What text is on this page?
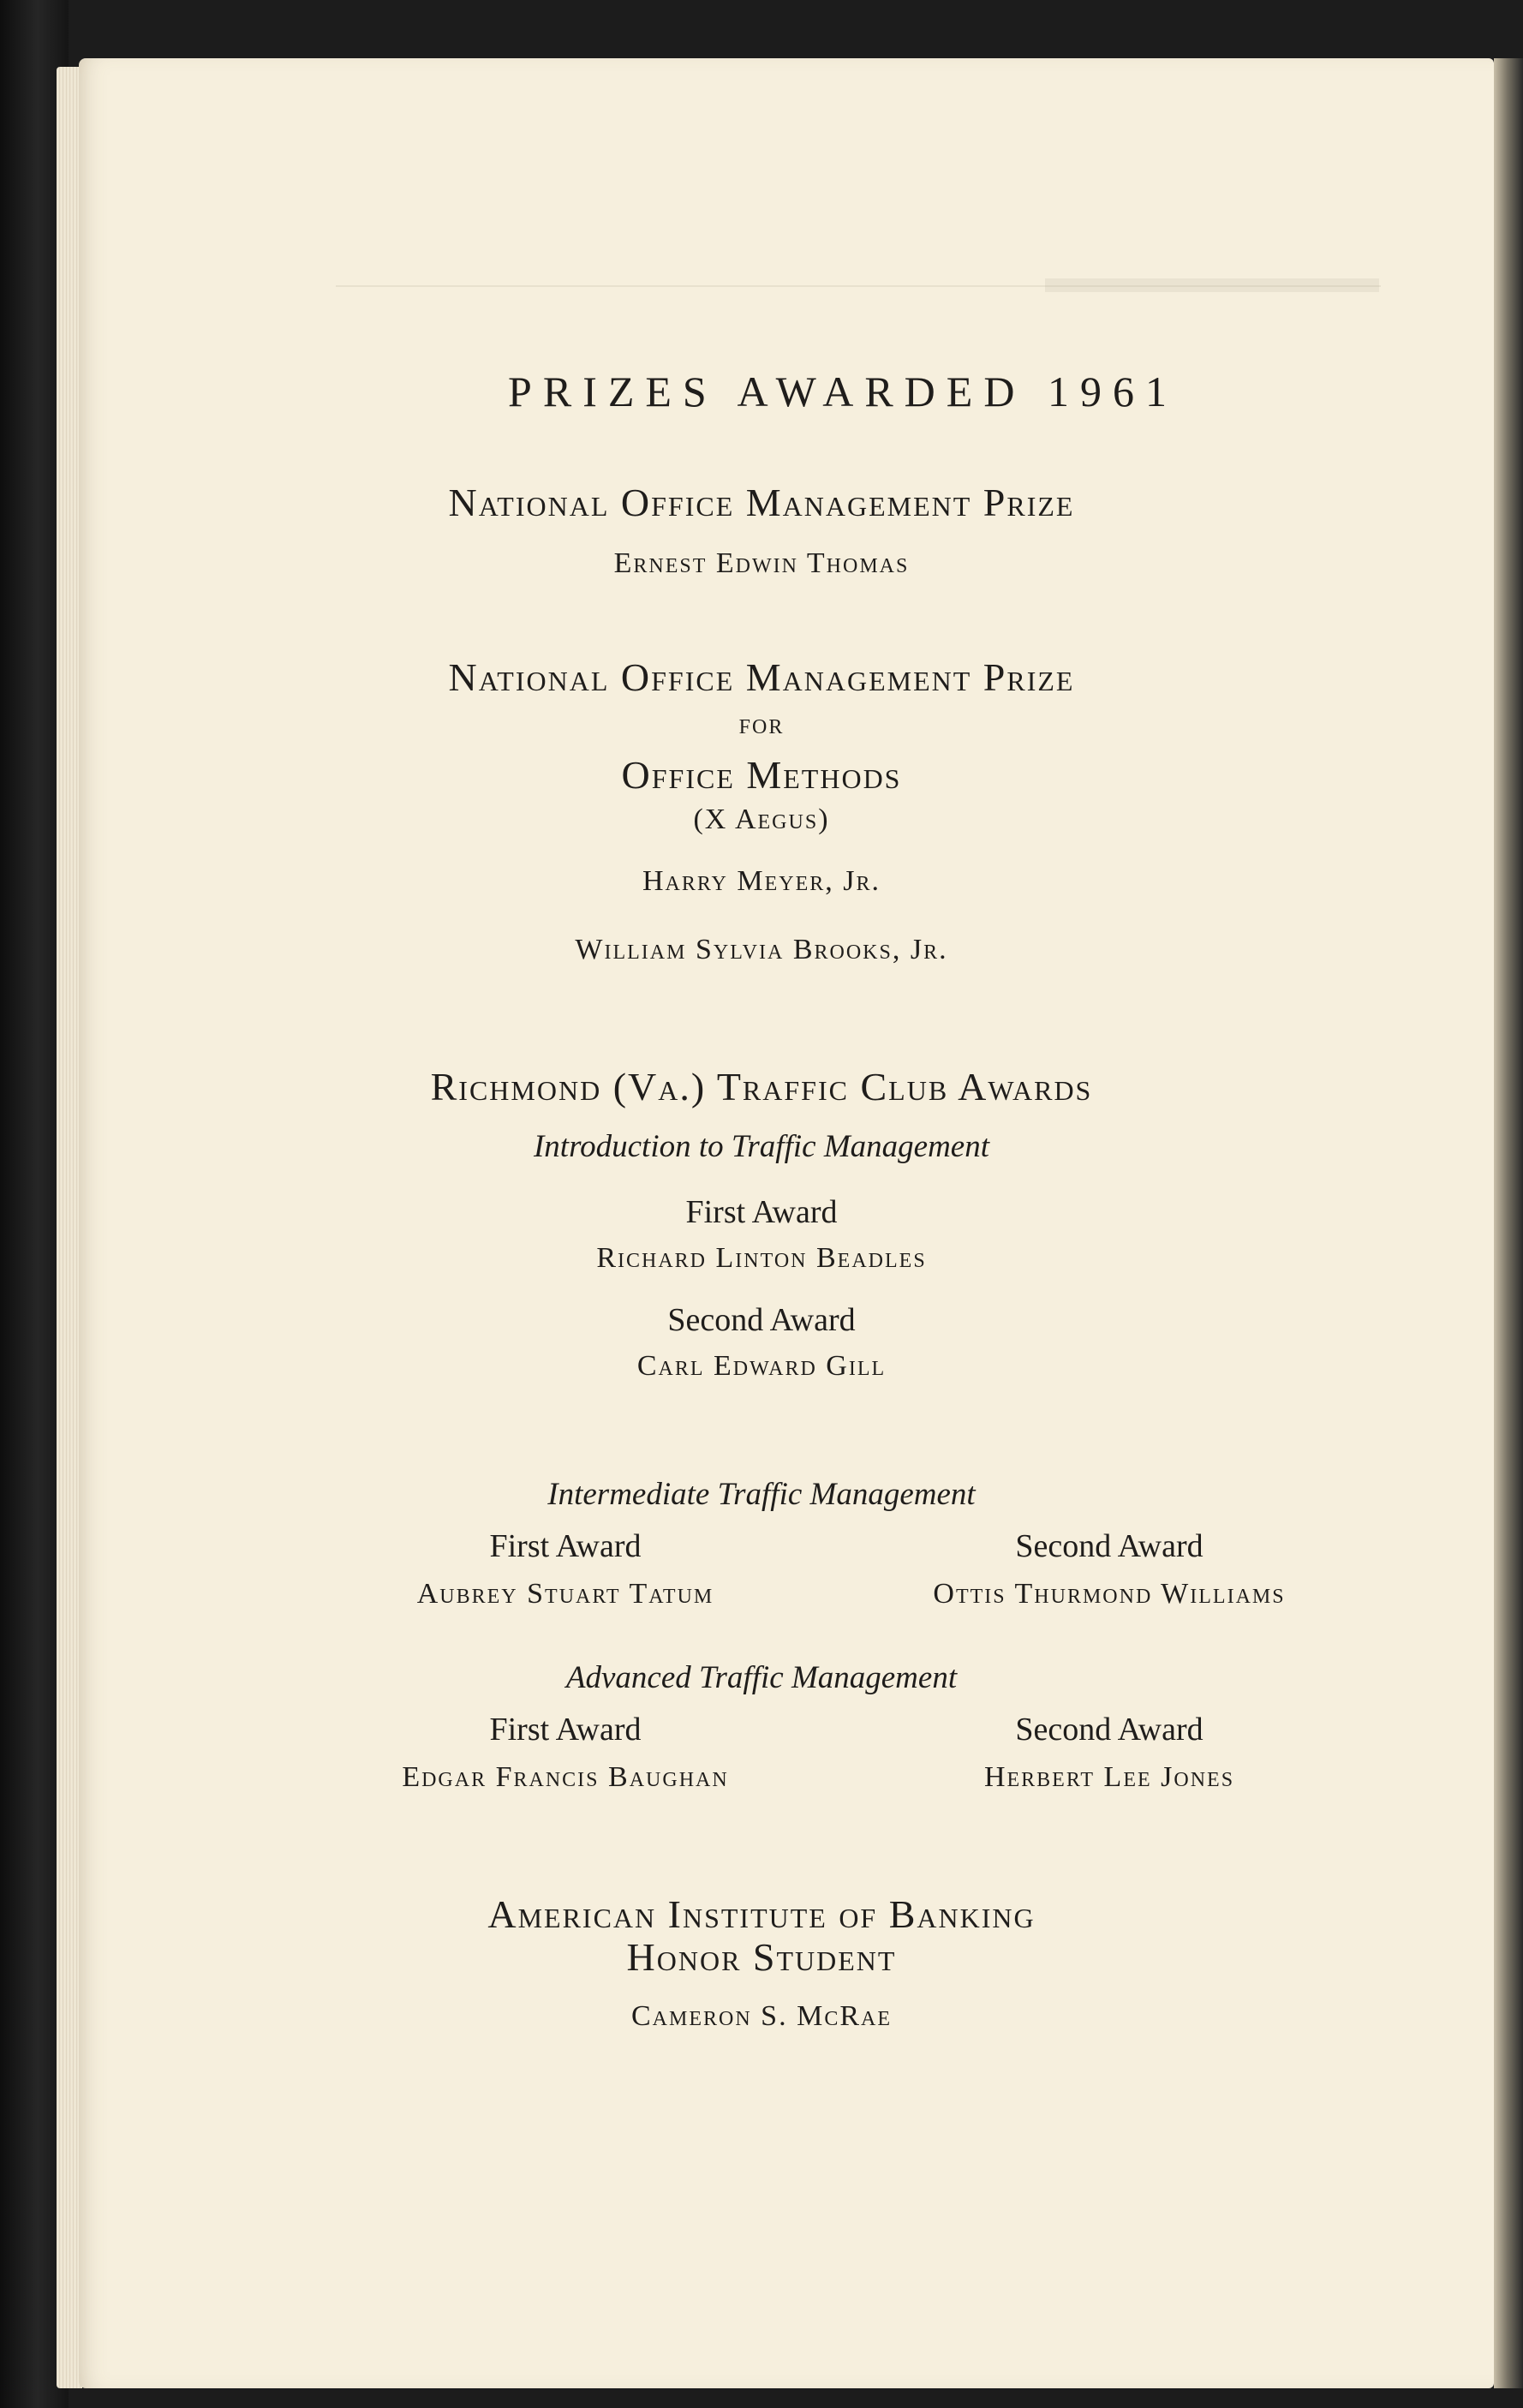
PRIZES AWARDED 1961
National Office Management Prize
Ernest Edwin Thomas
National Office Management Prize
for
Office Methods
(X Aegus)
Harry Meyer, Jr.
William Sylvia Brooks, Jr.
Richmond (Va.) Traffic Club Awards
Introduction to Traffic Management
First Award
Richard Linton Beadles
Second Award
Carl Edward Gill
Intermediate Traffic Management
First Award
Aubrey Stuart Tatum
Second Award
Ottis Thurmond Williams
Advanced Traffic Management
First Award
Edgar Francis Baughan
Second Award
Herbert Lee Jones
American Institute of Banking
Honor Student
Cameron S. McRae
